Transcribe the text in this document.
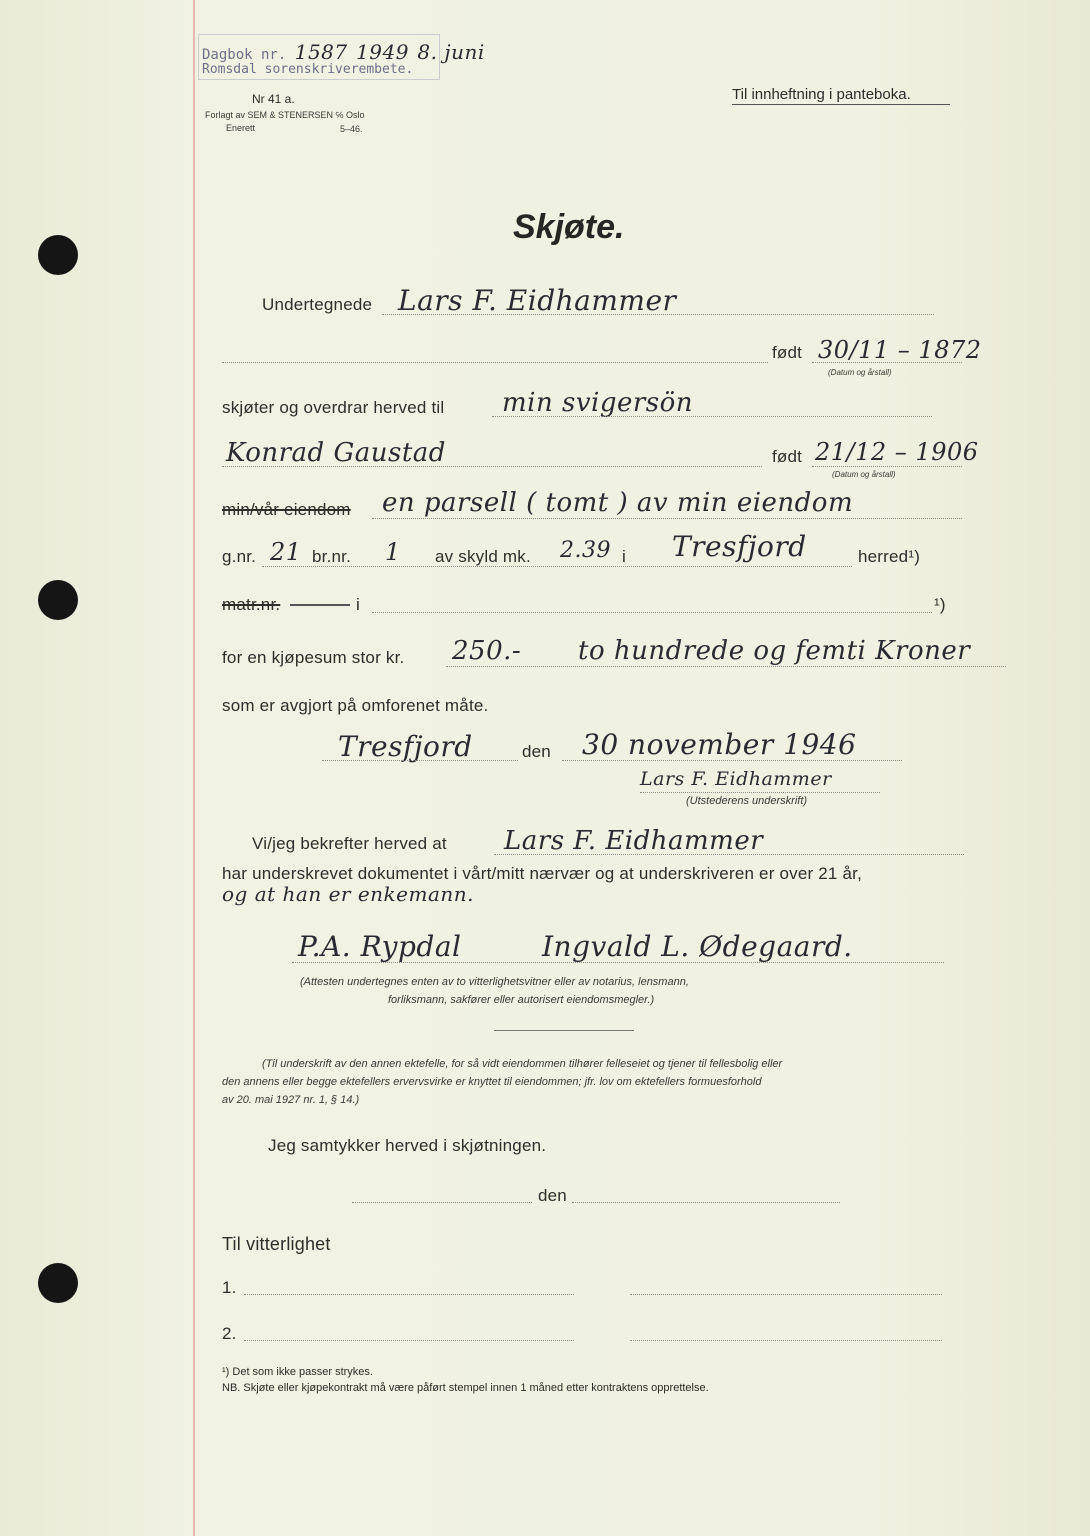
Dagbok nr. 1587 1949 8. juni
Romsdal sorenskriverembete.
Nr 41 a.
Forlagt av SEM & STENERSEN ℅ Oslo
Enerett	5–46.
Til innheftning i panteboka.
Skjøte.
Undertegnede Lars F. Eidhammer
født 30/11 – 1872
(Datum og årstall)
skjøter og overdrar herved til min svigersön
Konrad Gaustad	født 21/12 – 1906
(Datum og årstall)
min/vår eiendom en parsell ( tomt ) av min eiendom
g.nr. 21 br.nr. 1 av skyld mk. 2.39 i Tresfjord	herred¹)
matr.nr.	i	¹)
for en kjøpesum stor kr. 250.- to hundrede og femti Kroner
som er avgjort på omforenet måte.
Tresfjord	den 30 november 1946
Lars F. Eidhammer
(Utstederens underskrift)
Vi/jeg bekrefter herved at Lars F. Eidhammer
har underskrevet dokumentet i vårt/mitt nærvær og at underskriveren er over 21 år,
og at han er enkemann.
P.A. Rypdal	Ingvald L. Ødegaard.
(Attesten undertegnes enten av to vitterlighetsvitner eller av notarius, lensmann,
forliksmann, sakfører eller autorisert eiendomsmegler.)
(Til underskrift av den annen ektefelle, for så vidt eiendommen tilhører felleseiet og tjener til fellesbolig eller
den annens eller begge ektefellers ervervsvirke er knyttet til eiendommen; jfr. lov om ektefellers formuesforhold
av 20. mai 1927 nr. 1, § 14.)
Jeg samtykker herved i skjøtningen.
den
Til vitterlighet
1.
2.
¹) Det som ikke passer strykes.
NB. Skjøte eller kjøpekontrakt må være påført stempel innen 1 måned etter kontraktens opprettelse.
